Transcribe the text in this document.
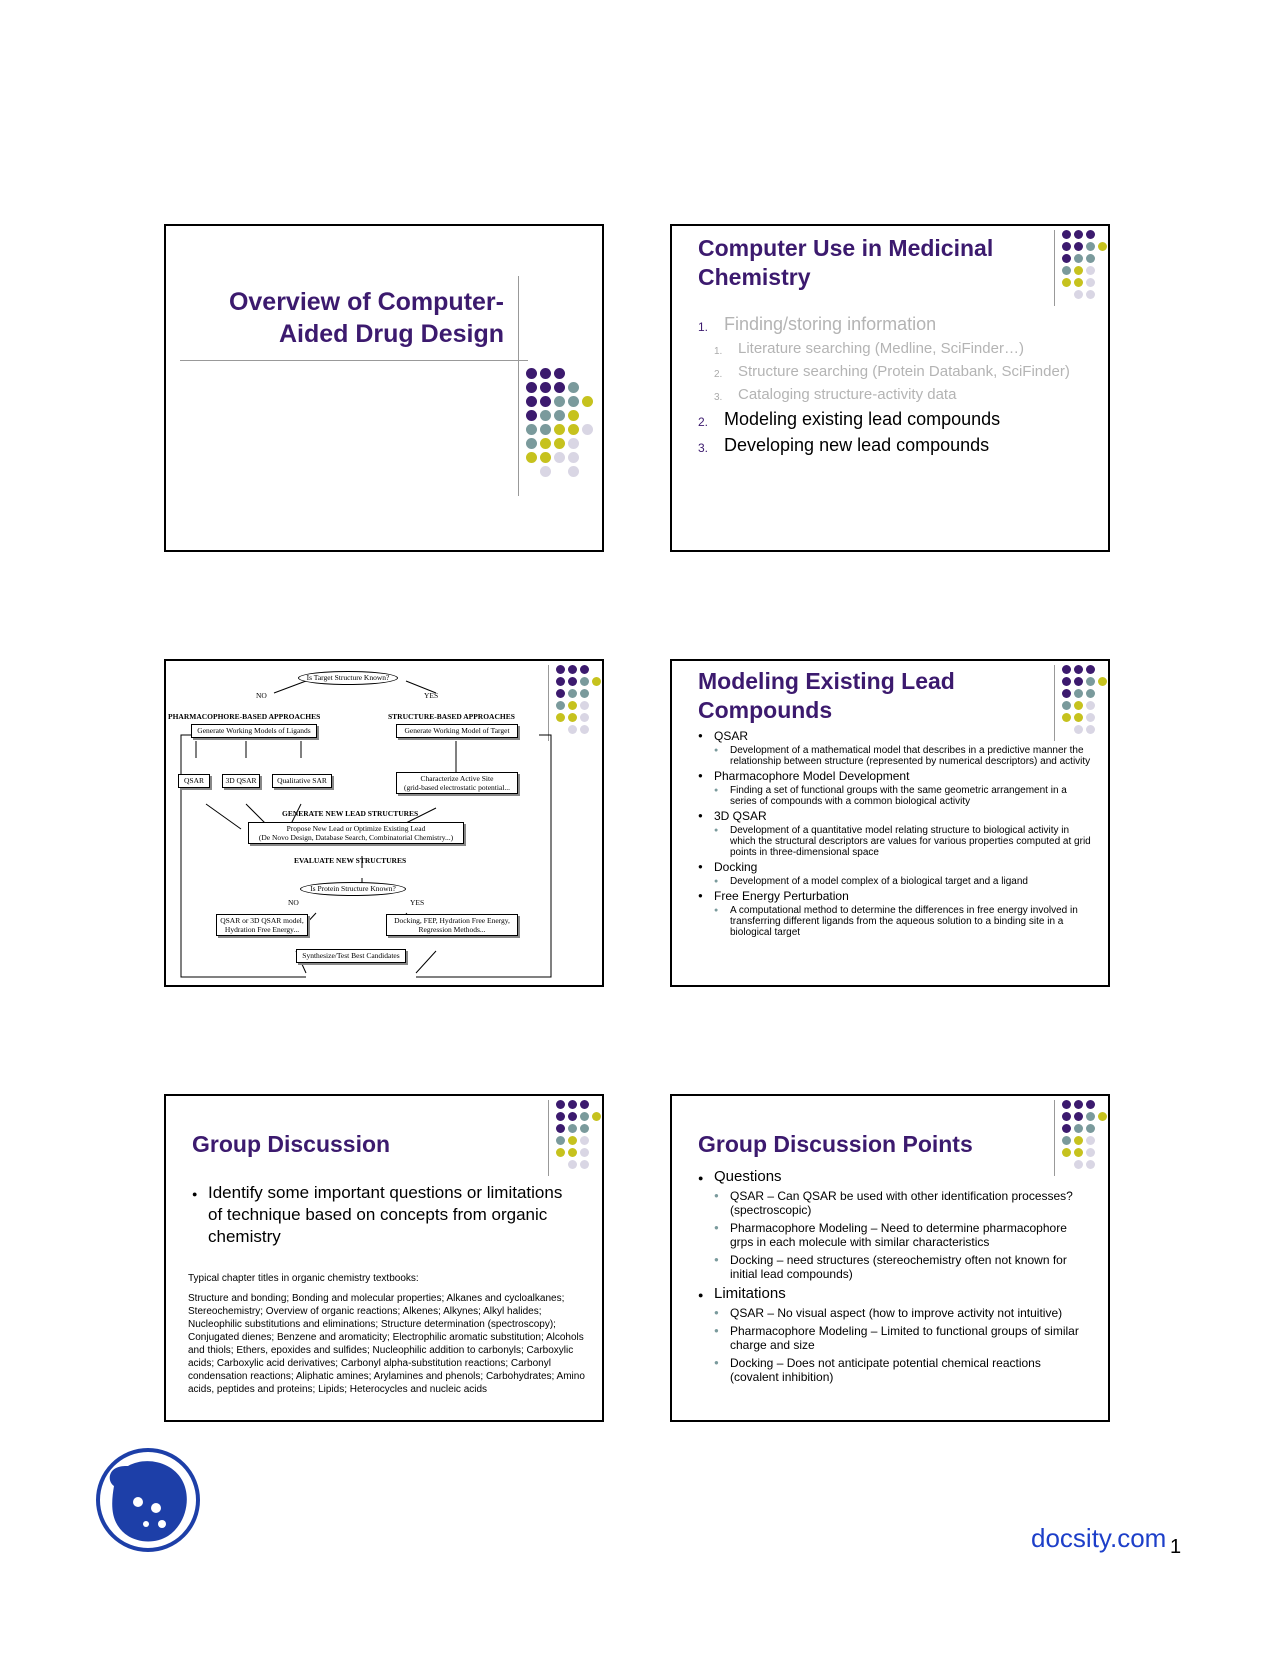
Overview of Computer-
Aided Drug Design
Computer Use in Medicinal
Chemistry
1. Finding/storing information
1. Literature searching (Medline, SciFinder…)
2. Structure searching (Protein Databank, SciFinder)
3. Cataloging structure-activity data
2. Modeling existing lead compounds
3. Developing new lead compounds
Is Target Structure Known?
NO	YES
PHARMACOPHORE-BASED APPROACHES	STRUCTURE-BASED APPROACHES
Generate Working Models of Ligands	Generate Working Model of Target
QSAR	3D QSAR	Qualitative SAR	Characterize Active Site
(grid-based electrostatic potential...
GENERATE NEW LEAD STRUCTURES
Propose New Lead or Optimize Existing Lead
(De Novo Design, Database Search, Combinatorial Chemistry...)
EVALUATE NEW STRUCTURES
Is Protein Structure Known?
NO	YES
QSAR or 3D QSAR model,
Hydration Free Energy...
Docking, FEP, Hydration Free Energy,
Regression Methods...
Synthesize/Test Best Candidates
Modeling Existing Lead
Compounds
● QSAR
● Development of a mathematical model that describes in a predictive manner the relationship between structure (represented by numerical descriptors) and activity
● Pharmacophore Model Development
● Finding a set of functional groups with the same geometric arrangement in a series of compounds with a common biological activity
● 3D QSAR
● Development of a quantitative model relating structure to biological activity in which the structural descriptors are values for various properties computed at grid points in three-dimensional space
● Docking
● Development of a model complex of a biological target and a ligand
● Free Energy Perturbation
● A computational method to determine the differences in free energy involved in transferring different ligands from the aqueous solution to a binding site in a biological target
Group Discussion
● Identify some important questions or limitations of technique based on concepts from organic chemistry
Typical chapter titles in organic chemistry textbooks:
Structure and bonding; Bonding and molecular properties; Alkanes and cycloalkanes; Stereochemistry; Overview of organic reactions; Alkenes; Alkynes; Alkyl halides; Nucleophilic substitutions and eliminations; Structure determination (spectroscopy); Conjugated dienes; Benzene and aromaticity; Electrophilic aromatic substitution; Alcohols and thiols; Ethers, epoxides and sulfides; Nucleophilic addition to carbonyls; Carboxylic acids; Carboxylic acid derivatives; Carbonyl alpha-substitution reactions; Carbonyl condensation reactions; Aliphatic amines; Arylamines and phenols; Carbohydrates; Amino acids, peptides and proteins; Lipids; Heterocycles and nucleic acids
Group Discussion Points
● Questions
● QSAR – Can QSAR be used with other identification processes? (spectroscopic)
● Pharmacophore Modeling – Need to determine pharmacophore grps in each molecule with similar characteristics
● Docking – need structures (stereochemistry often not known for initial lead compounds)
● Limitations
● QSAR – No visual aspect (how to improve activity not intuitive)
● Pharmacophore Modeling – Limited to functional groups of similar charge and size
● Docking – Does not anticipate potential chemical reactions (covalent inhibition)
docsity.com 1
